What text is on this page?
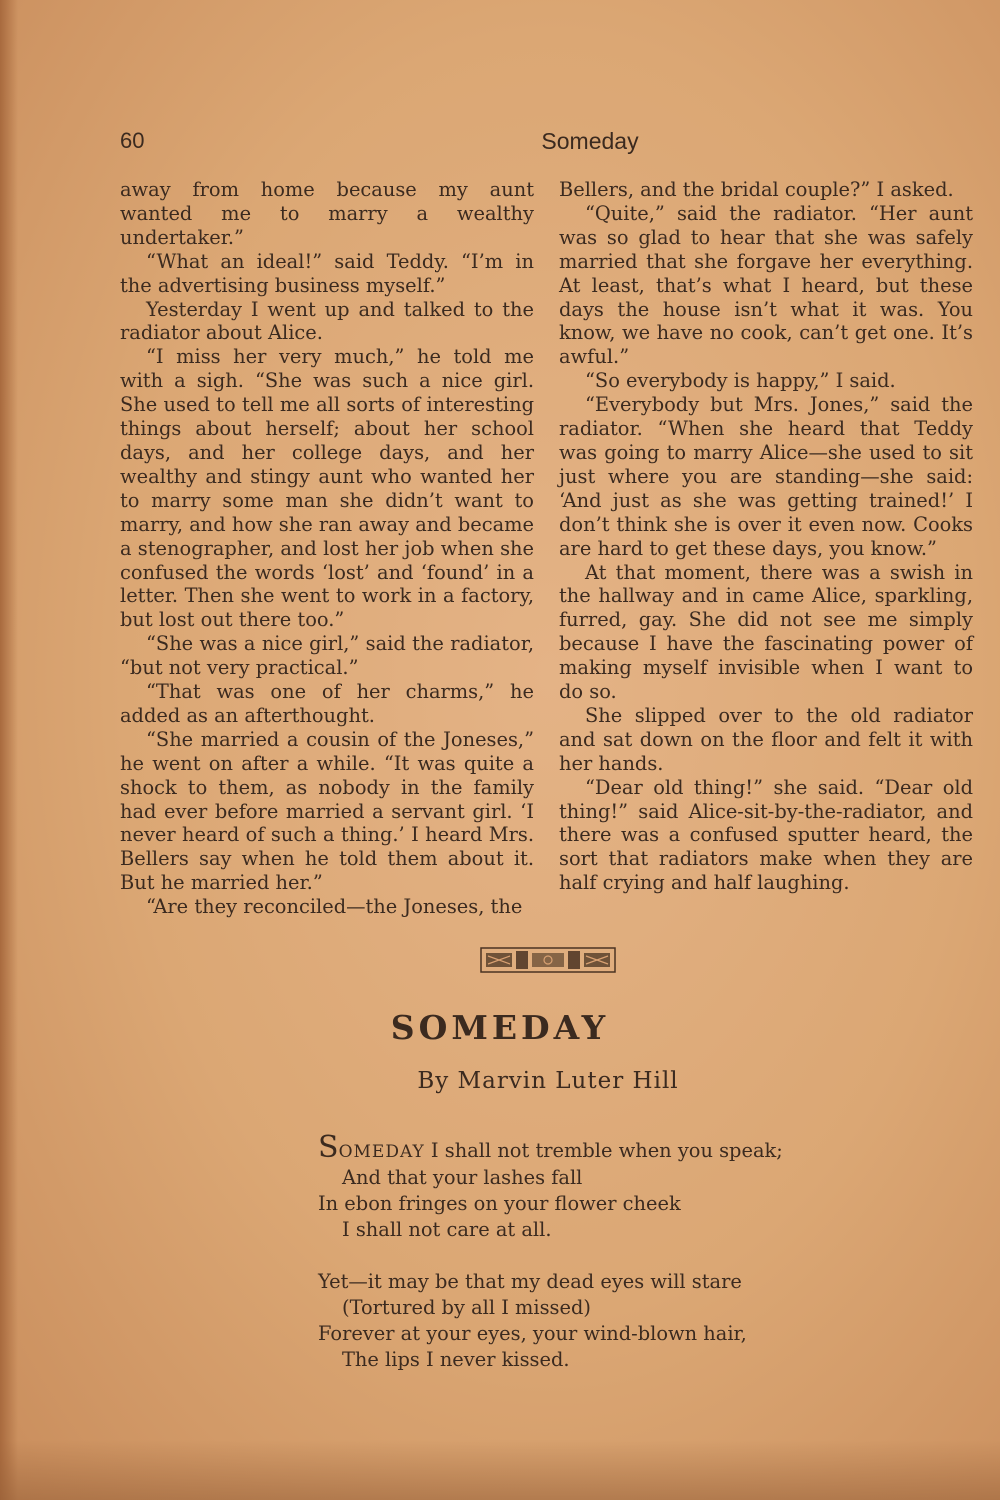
60	Someday

away from home because my aunt wanted me to marry a wealthy undertaker.”

“What an ideal!” said Teddy. “I’m in the advertising business myself.”

Yesterday I went up and talked to the radiator about Alice.

“I miss her very much,” he told me with a sigh. “She was such a nice girl. She used to tell me all sorts of interesting things about herself; about her school days, and her college days, and her wealthy and stingy aunt who wanted her to marry some man she didn’t want to marry, and how she ran away and became a stenographer, and lost her job when she confused the words ‘lost’ and ‘found’ in a letter. Then she went to work in a factory, but lost out there too.”

“She was a nice girl,” said the radiator, “but not very practical.”

“That was one of her charms,” he added as an afterthought.

“She married a cousin of the Joneses,” he went on after a while. “It was quite a shock to them, as nobody in the family had ever before married a servant girl. ‘I never heard of such a thing.’ I heard Mrs. Bellers say when he told them about it. But he married her.”

“Are they reconciled—the Joneses, the

Bellers, and the bridal couple?” I asked.

“Quite,” said the radiator. “Her aunt was so glad to hear that she was safely married that she forgave her everything. At least, that’s what I heard, but these days the house isn’t what it was. You know, we have no cook, can’t get one. It’s awful.”

“So everybody is happy,” I said.

“Everybody but Mrs. Jones,” said the radiator. “When she heard that Teddy was going to marry Alice—she used to sit just where you are standing—she said: ‘And just as she was getting trained!’ I don’t think she is over it even now. Cooks are hard to get these days, you know.”

At that moment, there was a swish in the hallway and in came Alice, sparkling, furred, gay. She did not see me simply because I have the fascinating power of making myself invisible when I want to do so.

She slipped over to the old radiator and sat down on the floor and felt it with her hands.

“Dear old thing!” she said. “Dear old thing!” said Alice-sit-by-the-radiator, and there was a confused sputter heard, the sort that radiators make when they are half crying and half laughing.

SOMEDAY
By Marvin Luter Hill
SOMEDAY I shall not tremble when you speak;
And that your lashes fall
In ebon fringes on your flower cheek
I shall not care at all.
Yet—it may be that my dead eyes will stare
(Tortured by all I missed)
Forever at your eyes, your wind-blown hair,
The lips I never kissed.
